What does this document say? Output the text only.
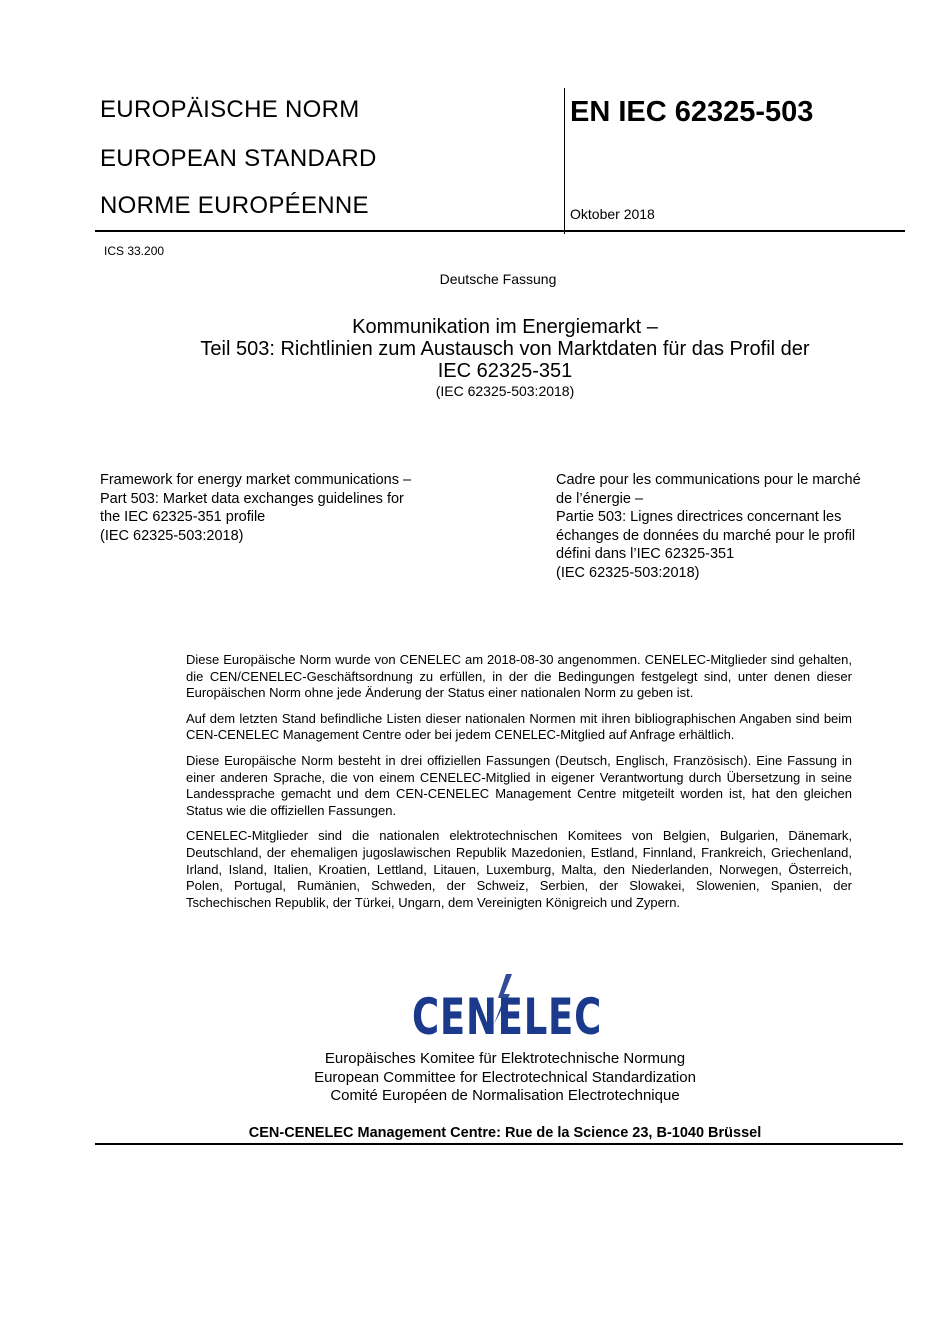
EUROPÄISCHE NORM
EUROPEAN STANDARD
NORME EUROPÉENNE
EN IEC 62325-503
Oktober 2018
ICS 33.200
Deutsche Fassung
Kommunikation im Energiemarkt –
Teil 503: Richtlinien zum Austausch von Marktdaten für das Profil der
IEC 62325-351
(IEC 62325-503:2018)
Framework for energy market communications –
Part 503: Market data exchanges guidelines for
the IEC 62325-351 profile
(IEC 62325-503:2018)
Cadre pour les communications pour le marché
de l’énergie –
Partie 503: Lignes directrices concernant les
échanges de données du marché pour le profil
défini dans l’IEC 62325-351
(IEC 62325-503:2018)

Diese Europäische Norm wurde von CENELEC am 2018-08-30 angenommen. CENELEC-Mitglieder sind gehalten, die CEN/CENELEC-Geschäftsordnung zu erfüllen, in der die Bedingungen festgelegt sind, unter denen dieser Europäischen Norm ohne jede Änderung der Status einer nationalen Norm zu geben ist.

Auf dem letzten Stand befindliche Listen dieser nationalen Normen mit ihren bibliographischen Angaben sind beim CEN-CENELEC Management Centre oder bei jedem CENELEC-Mitglied auf Anfrage erhältlich.

Diese Europäische Norm besteht in drei offiziellen Fassungen (Deutsch, Englisch, Französisch). Eine Fassung in einer anderen Sprache, die von einem CENELEC-Mitglied in eigener Verantwortung durch Übersetzung in seine Landessprache gemacht und dem CEN-CENELEC Management Centre mitgeteilt worden ist, hat den gleichen Status wie die offiziellen Fassungen.

CENELEC-Mitglieder sind die nationalen elektrotechnischen Komitees von Belgien, Bulgarien, Dänemark, Deutschland, der ehemaligen jugoslawischen Republik Mazedonien, Estland, Finnland, Frankreich, Griechenland, Irland, Island, Italien, Kroatien, Lettland, Litauen, Luxemburg, Malta, den Niederlanden, Norwegen, Österreich, Polen, Portugal, Rumänien, Schweden, der Schweiz, Serbien, der Slowakei, Slowenien, Spanien, der Tschechischen Republik, der Türkei, Ungarn, dem Vereinigten Königreich und Zypern.

CENELEC
Europäisches Komitee für Elektrotechnische Normung
European Committee for Electrotechnical Standardization
Comité Européen de Normalisation Electrotechnique
CEN-CENELEC Management Centre: Rue de la Science 23, B-1040 Brüssel
